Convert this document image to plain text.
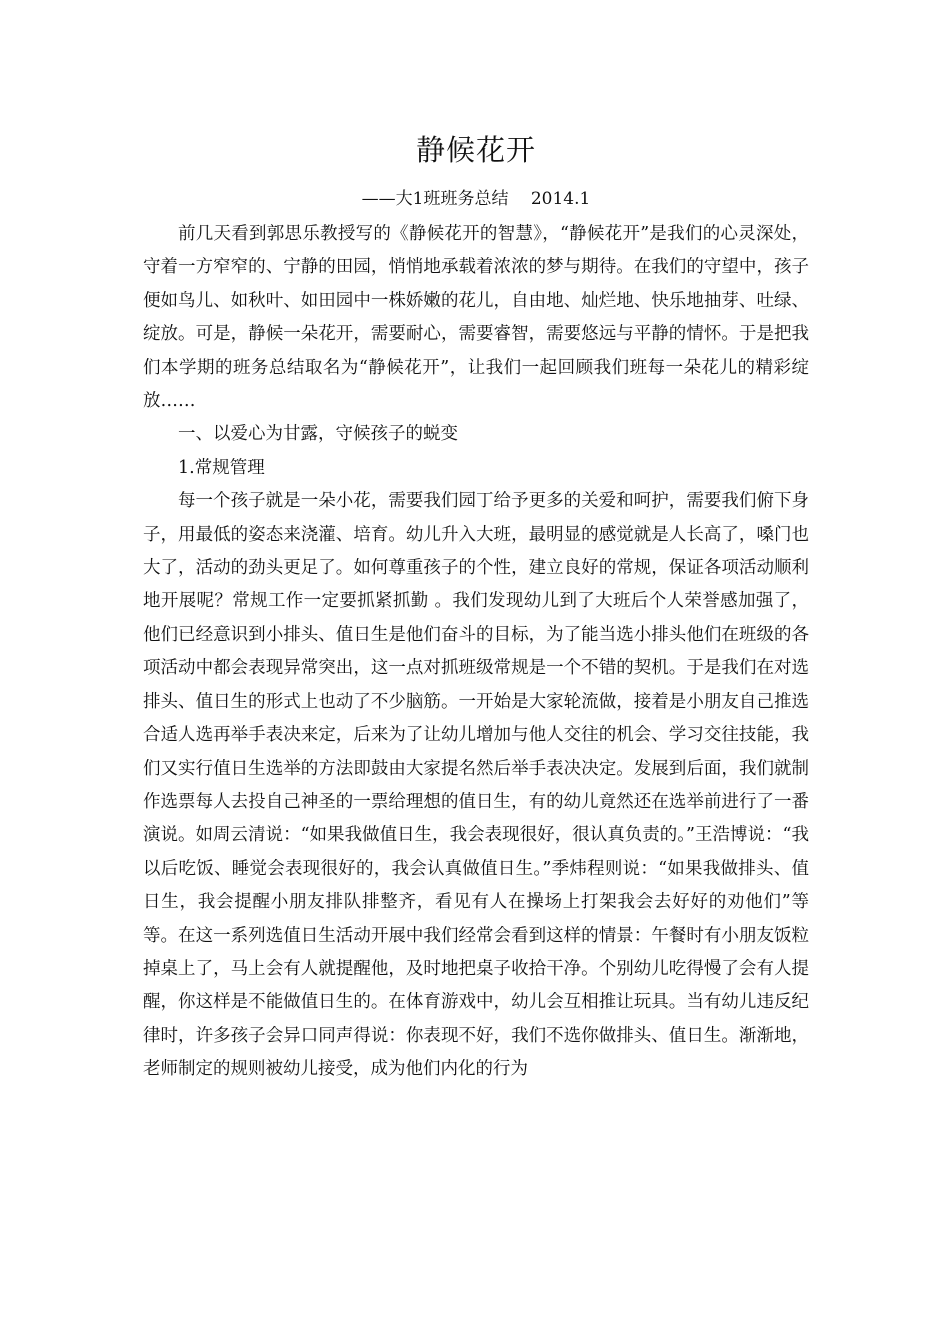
静候花开

——大1班班务总结　 2014.1

前几天看到郭思乐教授写的《静候花开的智慧》，“静候花开”是我们的心灵深处，守着一方窄窄的、宁静的田园，悄悄地承载着浓浓的梦与期待。在我们的守望中，孩子便如鸟儿、如秋叶、如田园中一株娇嫩的花儿，自由地、灿烂地、快乐地抽芽、吐绿、绽放。可是，静候一朵花开，需要耐心，需要睿智，需要悠远与平静的情怀。于是把我们本学期的班务总结取名为“静候花开”，让我们一起回顾我们班每一朵花儿的精彩绽放……

一、以爱心为甘露，守候孩子的蜕变

1.常规管理

每一个孩子就是一朵小花，需要我们园丁给予更多的关爱和呵护，需要我们俯下身子，用最低的姿态来浇灌、培育。幼儿升入大班，最明显的感觉就是人长高了，嗓门也大了，活动的劲头更足了。如何尊重孩子的个性，建立良好的常规，保证各项活动顺利地开展呢？常规工作一定要抓紧抓勤 。我们发现幼儿到了大班后个人荣誉感加强了，他们已经意识到小排头、值日生是他们奋斗的目标，为了能当选小排头他们在班级的各项活动中都会表现异常突出，这一点对抓班级常规是一个不错的契机。于是我们在对选排头、值日生的形式上也动了不少脑筋。一开始是大家轮流做，接着是小朋友自己推选合适人选再举手表决来定，后来为了让幼儿增加与他人交往的机会、学习交往技能，我们又实行值日生选举的方法即鼓由大家提名然后举手表决决定。发展到后面，我们就制作选票每人去投自己神圣的一票给理想的值日生，有的幼儿竟然还在选举前进行了一番演说。如周云清说：“如果我做值日生，我会表现很好，很认真负责的。”王浩博说：“我以后吃饭、睡觉会表现很好的，我会认真做值日生。”季炜程则说：“如果我做排头、值日生，我会提醒小朋友排队排整齐，看见有人在操场上打架我会去好好的劝他们”等等。在这一系列选值日生活动开展中我们经常会看到这样的情景：午餐时有小朋友饭粒掉桌上了，马上会有人就提醒他，及时地把桌子收拾干净。个别幼儿吃得慢了会有人提醒，你这样是不能做值日生的。在体育游戏中，幼儿会互相推让玩具。当有幼儿违反纪律时，许多孩子会异口同声得说：你表现不好，我们不选你做排头、值日生。渐渐地，老师制定的规则被幼儿接受，成为他们内化的行为
